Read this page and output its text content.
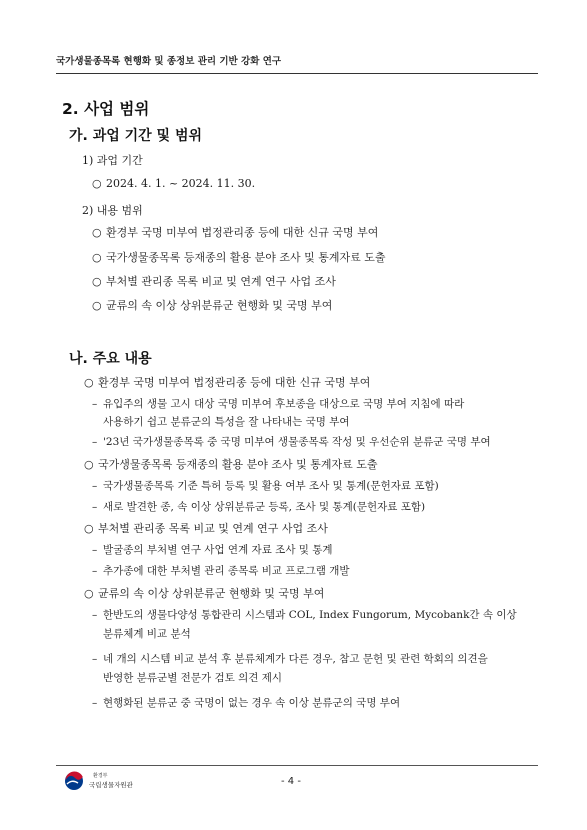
국가생물종목록 현행화 및 종정보 관리 기반 강화 연구
2. 사업 범위
가. 과업 기간 및 범위
1) 과업 기간
○ 2024. 4. 1. ~ 2024. 11. 30.
2) 내용 범위
○ 환경부 국명 미부여 법정관리종 등에 대한 신규 국명 부여
○ 국가생물종목록 등재종의 활용 분야 조사 및 통계자료 도출
○ 부처별 관리종 목록 비교 및 연계 연구 사업 조사
○ 균류의 속 이상 상위분류군 현행화 및 국명 부여
나. 주요 내용
○ 환경부 국명 미부여 법정관리종 등에 대한 신규 국명 부여
– 유입주의 생물 고시 대상 국명 미부여 후보종을 대상으로 국명 부여 지침에 따라
사용하기 쉽고 분류군의 특성을 잘 나타내는 국명 부여
– '23년 국가생물종목록 중 국명 미부여 생물종목록 작성 및 우선순위 분류군 국명 부여
○ 국가생물종목록 등재종의 활용 분야 조사 및 통계자료 도출
– 국가생물종목록 기준 특허 등록 및 활용 여부 조사 및 통계(문헌자료 포함)
– 새로 발견한 종, 속 이상 상위분류군 등록, 조사 및 통계(문헌자료 포함)
○ 부처별 관리종 목록 비교 및 연계 연구 사업 조사
– 발굴종의 부처별 연구 사업 연계 자료 조사 및 통계
– 추가종에 대한 부처별 관리 종목록 비교 프로그램 개발
○ 균류의 속 이상 상위분류군 현행화 및 국명 부여
– 한반도의 생물다양성 통합관리 시스템과 COL, Index Fungorum, Mycobank간 속 이상
분류체계 비교 분석
– 네 개의 시스템 비교 분석 후 분류체계가 다른 경우, 참고 문헌 및 관련 학회의 의견을
반영한 분류군별 전문가 검토 의견 제시
– 현행화된 분류군 중 국명이 없는 경우 속 이상 분류군의 국명 부여
환경부
국립생물자원관	- 4 -
